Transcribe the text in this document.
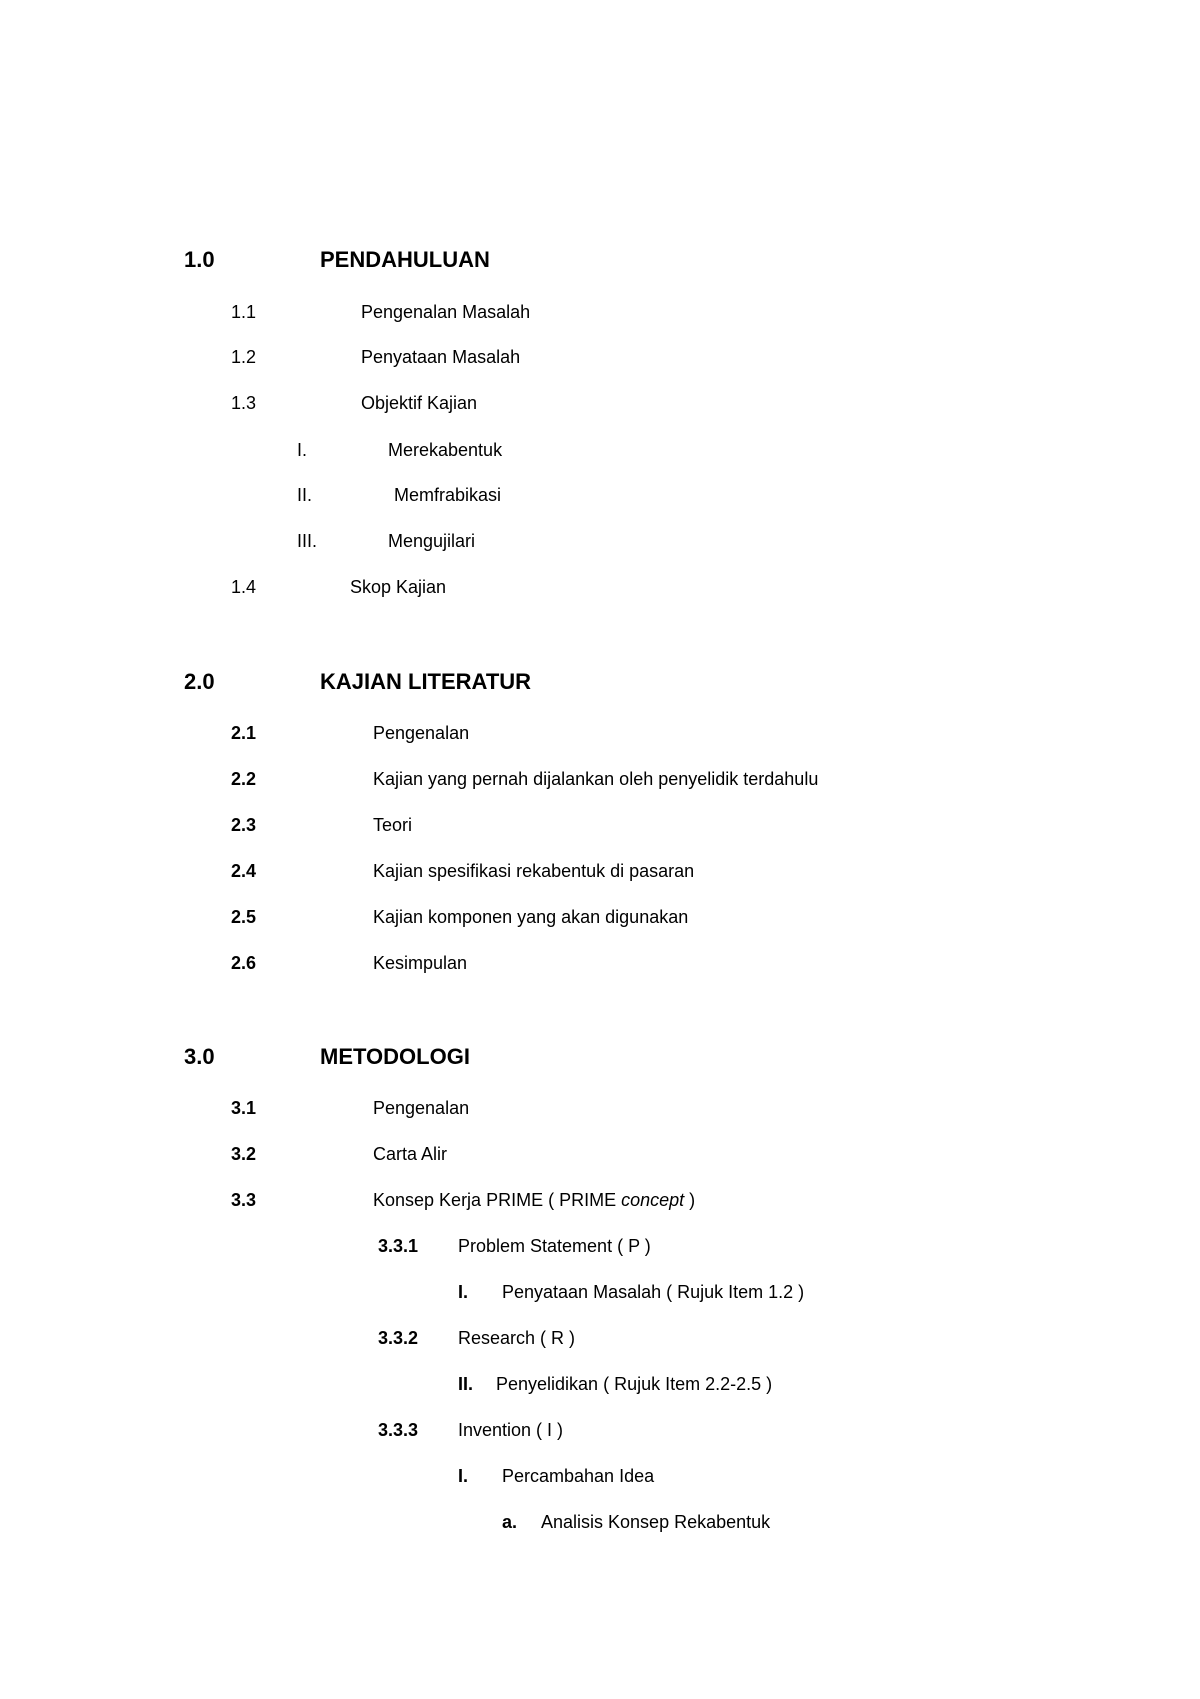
1.0	PENDAHULUAN
1.1	Pengenalan Masalah
1.2	Penyataan Masalah
1.3	Objektif Kajian
I.	Merekabentuk
II.	Memfrabikasi
III.	Mengujilari
1.4	Skop Kajian
2.0	KAJIAN LITERATUR
2.1	Pengenalan
2.2	Kajian yang pernah dijalankan oleh penyelidik terdahulu
2.3	Teori
2.4	Kajian spesifikasi rekabentuk di pasaran
2.5	Kajian komponen yang akan digunakan
2.6	Kesimpulan
3.0	METODOLOGI
3.1	Pengenalan
3.2	Carta Alir
3.3	Konsep Kerja PRIME ( PRIME concept )
3.3.1 Problem Statement ( P )
I. Penyataan Masalah ( Rujuk Item 1.2 )
3.3.2 Research ( R )
II. Penyelidikan ( Rujuk Item 2.2-2.5 )
3.3.3 Invention ( I )
I. Percambahan Idea
a. Analisis Konsep Rekabentuk
